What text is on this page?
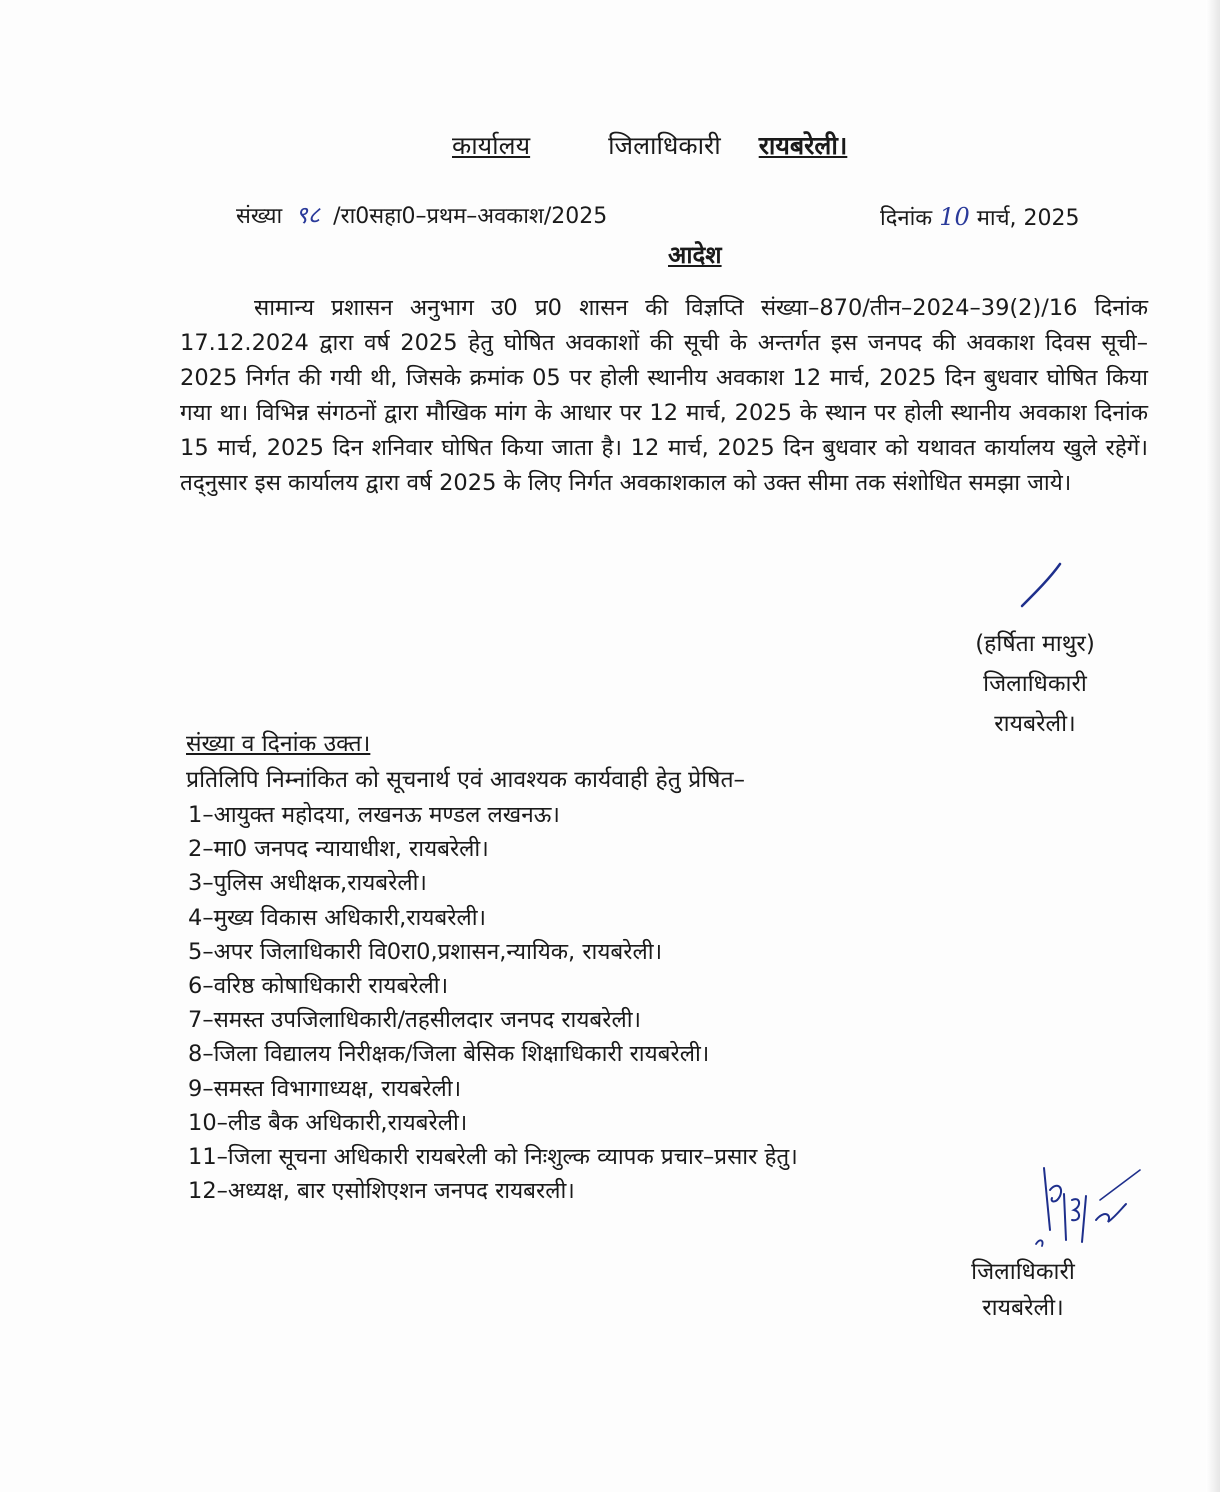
कार्यालय	जिलाधिकारी रायबरेली।
संख्या ९८ /रा0सहा0–प्रथम–अवकाश/2025	दिनांक 10 मार्च, 2025
आदेश

सामान्य प्रशासन अनुभाग उ0 प्र0 शासन की विज्ञप्ति संख्या–870/तीन–2024–39(2)/16 दिनांक 17.12.2024 द्वारा वर्ष 2025 हेतु घोषित अवकाशों की सूची के अन्तर्गत इस जनपद की अवकाश दिवस सूची–2025 निर्गत की गयी थी, जिसके क्रमांक 05 पर होली स्थानीय अवकाश 12 मार्च, 2025 दिन बुधवार घोषित किया गया था। विभिन्न संगठनों द्वारा मौखिक मांग के आधार पर 12 मार्च, 2025 के स्थान पर होली स्थानीय अवकाश दिनांक 15 मार्च, 2025 दिन शनिवार घोषित किया जाता है। 12 मार्च, 2025 दिन बुधवार को यथावत कार्यालय खुले रहेगें। तद्नुसार इस कार्यालय द्वारा वर्ष 2025 के लिए निर्गत अवकाशकाल को उक्त सीमा तक संशोधित समझा जाये।

(हर्षिता माथुर)
जिलाधिकारी
रायबरेली।
संख्या व दिनांक उक्त।
प्रतिलिपि निम्नांकित को सूचनार्थ एवं आवश्यक कार्यवाही हेतु प्रेषित–
1–आयुक्त महोदया, लखनऊ मण्डल लखनऊ।
2–मा0 जनपद न्यायाधीश, रायबरेली।
3–पुलिस अधीक्षक,रायबरेली।
4–मुख्य विकास अधिकारी,रायबरेली।
5–अपर जिलाधिकारी वि0रा0,प्रशासन,न्यायिक, रायबरेली।
6–वरिष्ठ कोषाधिकारी रायबरेली।
7–समस्त उपजिलाधिकारी/तहसीलदार जनपद रायबरेली।
8–जिला विद्यालय निरीक्षक/जिला बेसिक शिक्षाधिकारी रायबरेली।
9–समस्त विभागाध्यक्ष, रायबरेली।
10–लीड बैक अधिकारी,रायबरेली।
11–जिला सूचना अधिकारी रायबरेली को निःशुल्क व्यापक प्रचार–प्रसार हेतु।
12–अध्यक्ष, बार एसोशिएशन जनपद रायबरली।
जिलाधिकारी
रायबरेली।
